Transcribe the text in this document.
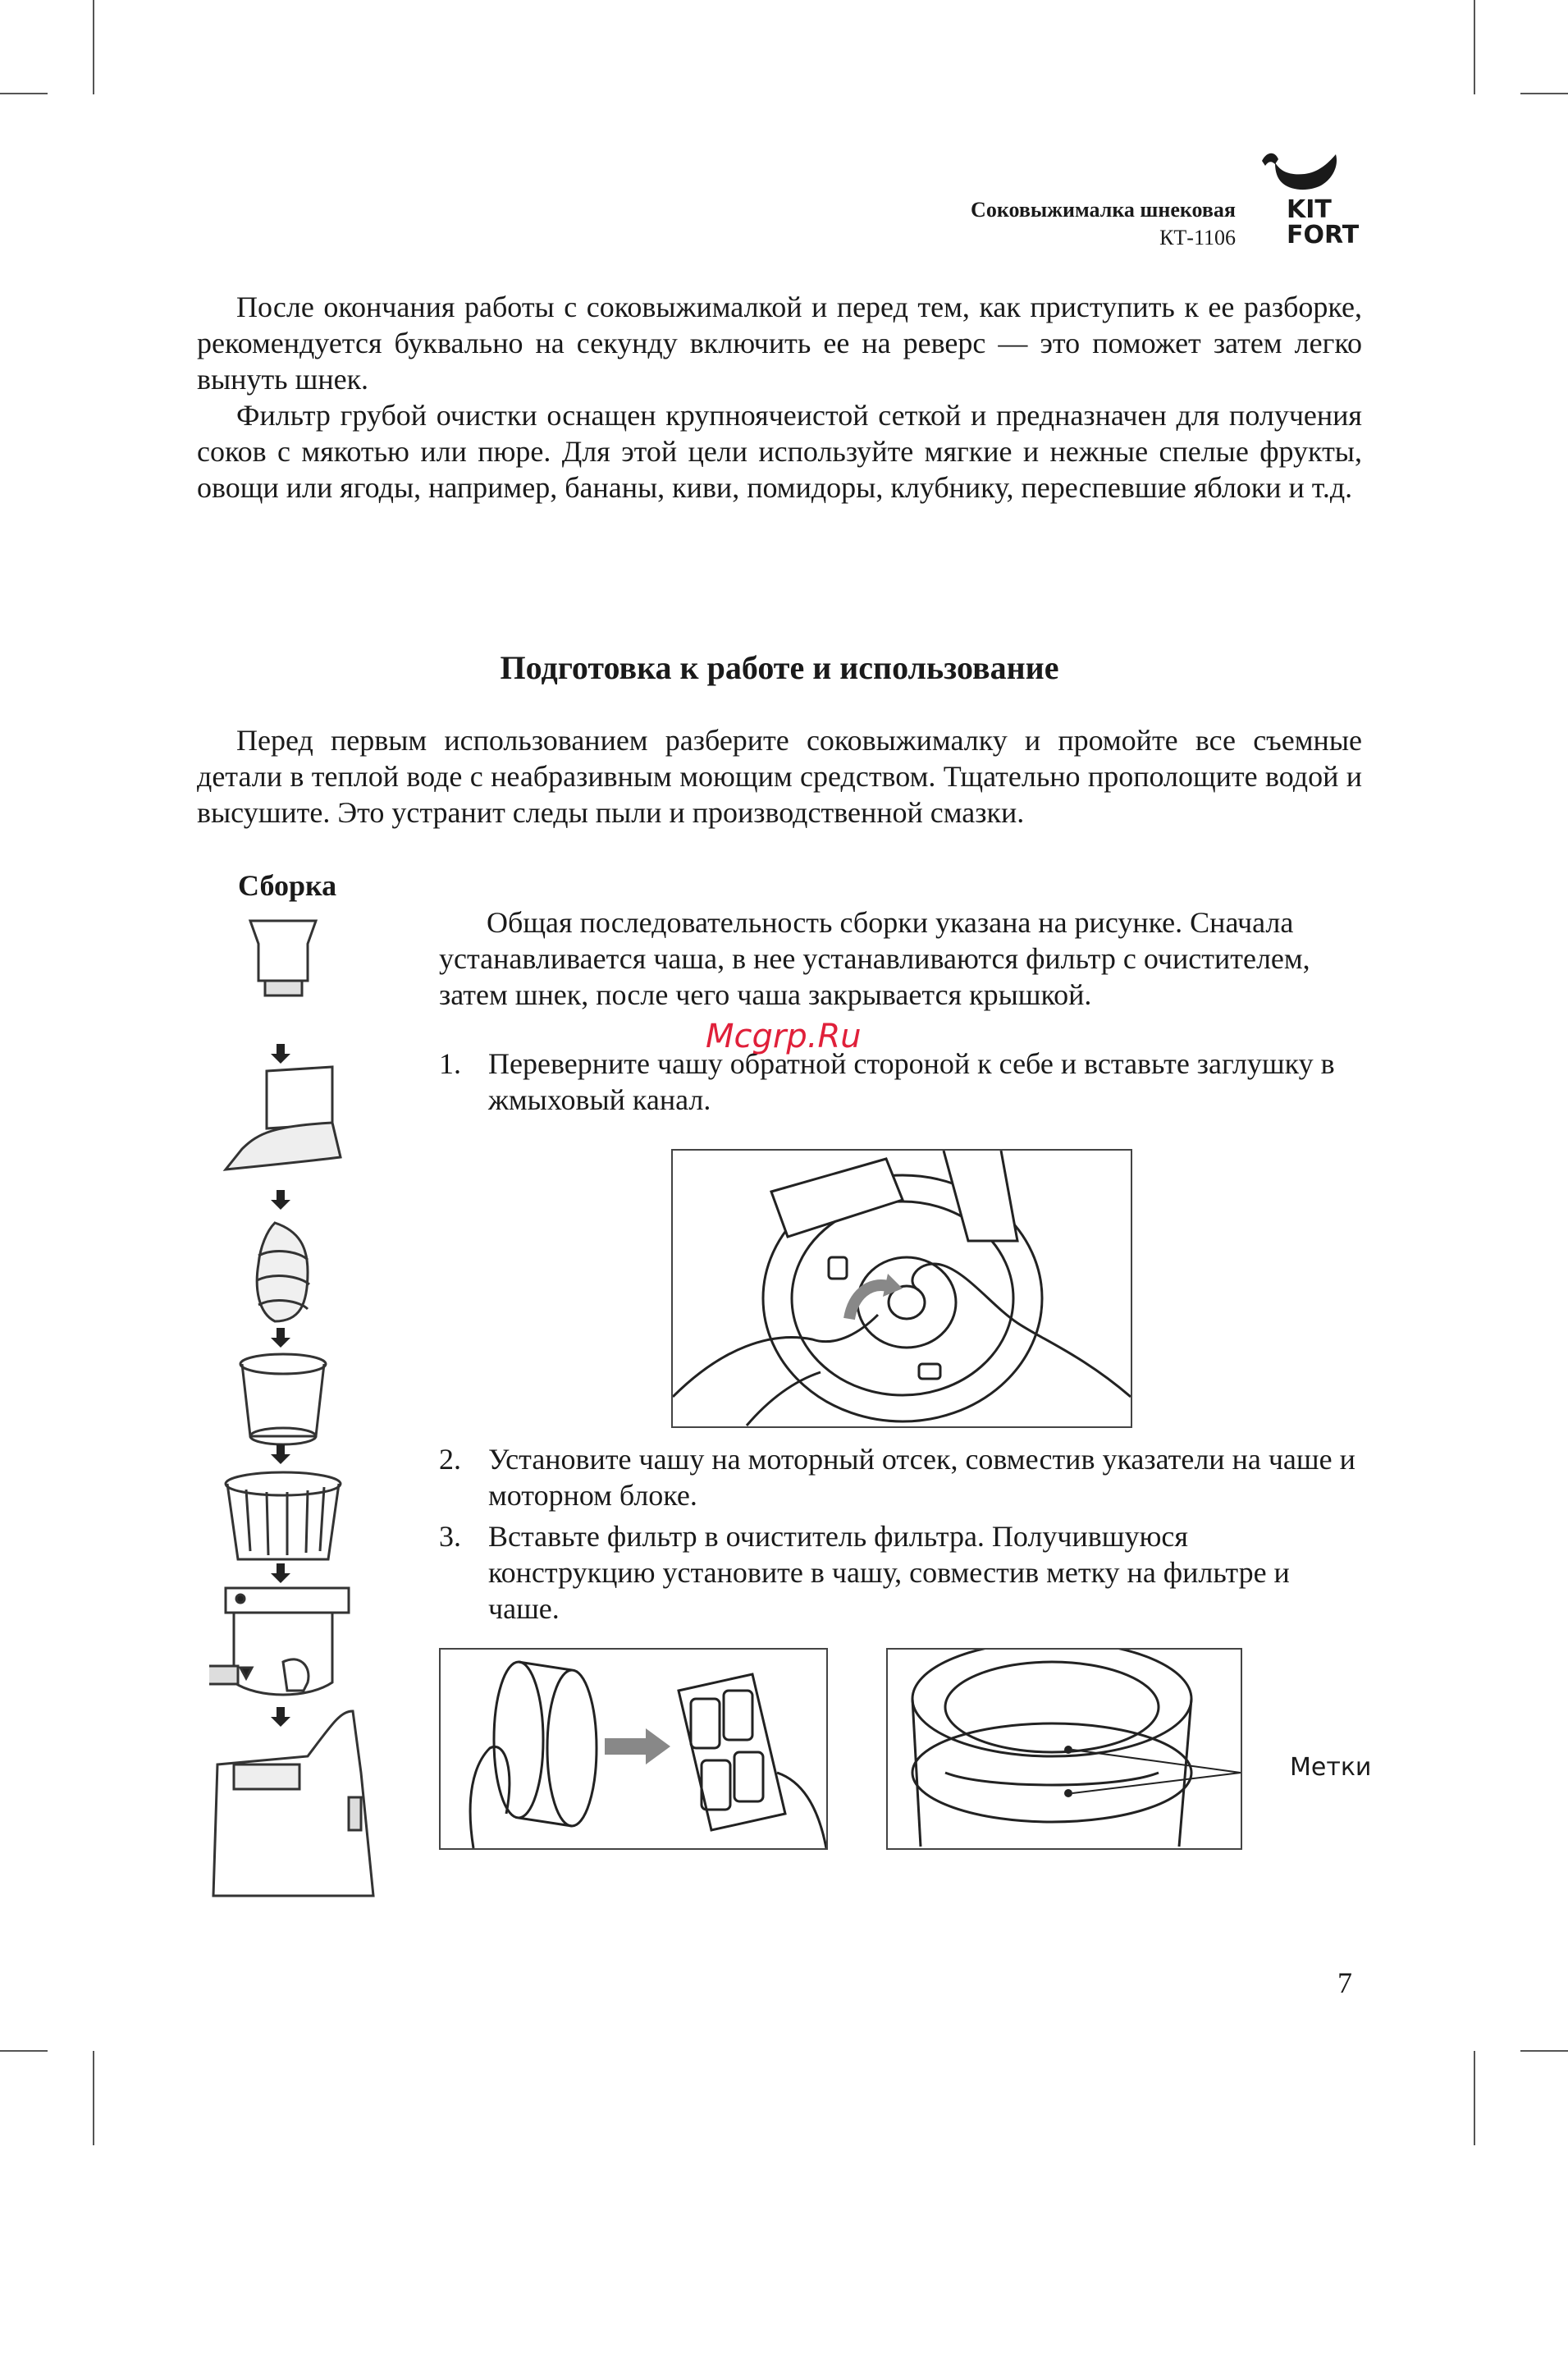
Соковыжималка шнековая
КТ-1106
KIT
FORT
После окончания работы с соковыжималкой и перед тем, как приступить к ее разборке, рекомендуется буквально на секунду включить ее на реверс — это поможет затем легко вынуть шнек.
Фильтр грубой очистки оснащен крупноячеистой сеткой и предназначен для получения соков с мякотью или пюре. Для этой цели используйте мягкие и нежные спелые фрукты, овощи или ягоды, например, бананы, киви, помидоры, клубнику, переспевшие яблоки и т.д.
Подготовка к работе и использование
Перед первым использованием разберите соковыжималку и промойте все съемные детали в теплой воде с неабразивным моющим средством. Тщательно прополощите водой и высушите. Это устранит следы пыли и производственной смазки.
Сборка
Общая последовательность сборки указана на рисунке. Сначала устанавливается чаша, в нее устанавливаются фильтр с очистителем, затем шнек, после чего чаша закрывается крышкой.
1. Переверните чашу обратной стороной к себе и вставьте заглушку в жмыховый канал.
Mcgrp.Ru
2. Установите чашу на моторный отсек, совместив указатели на чаше и моторном блоке.
3. Вставьте фильтр в очиститель фильтра. Получившуюся конструкцию установите в чашу, совместив метку на фильтре и чаше.
Метки
7
